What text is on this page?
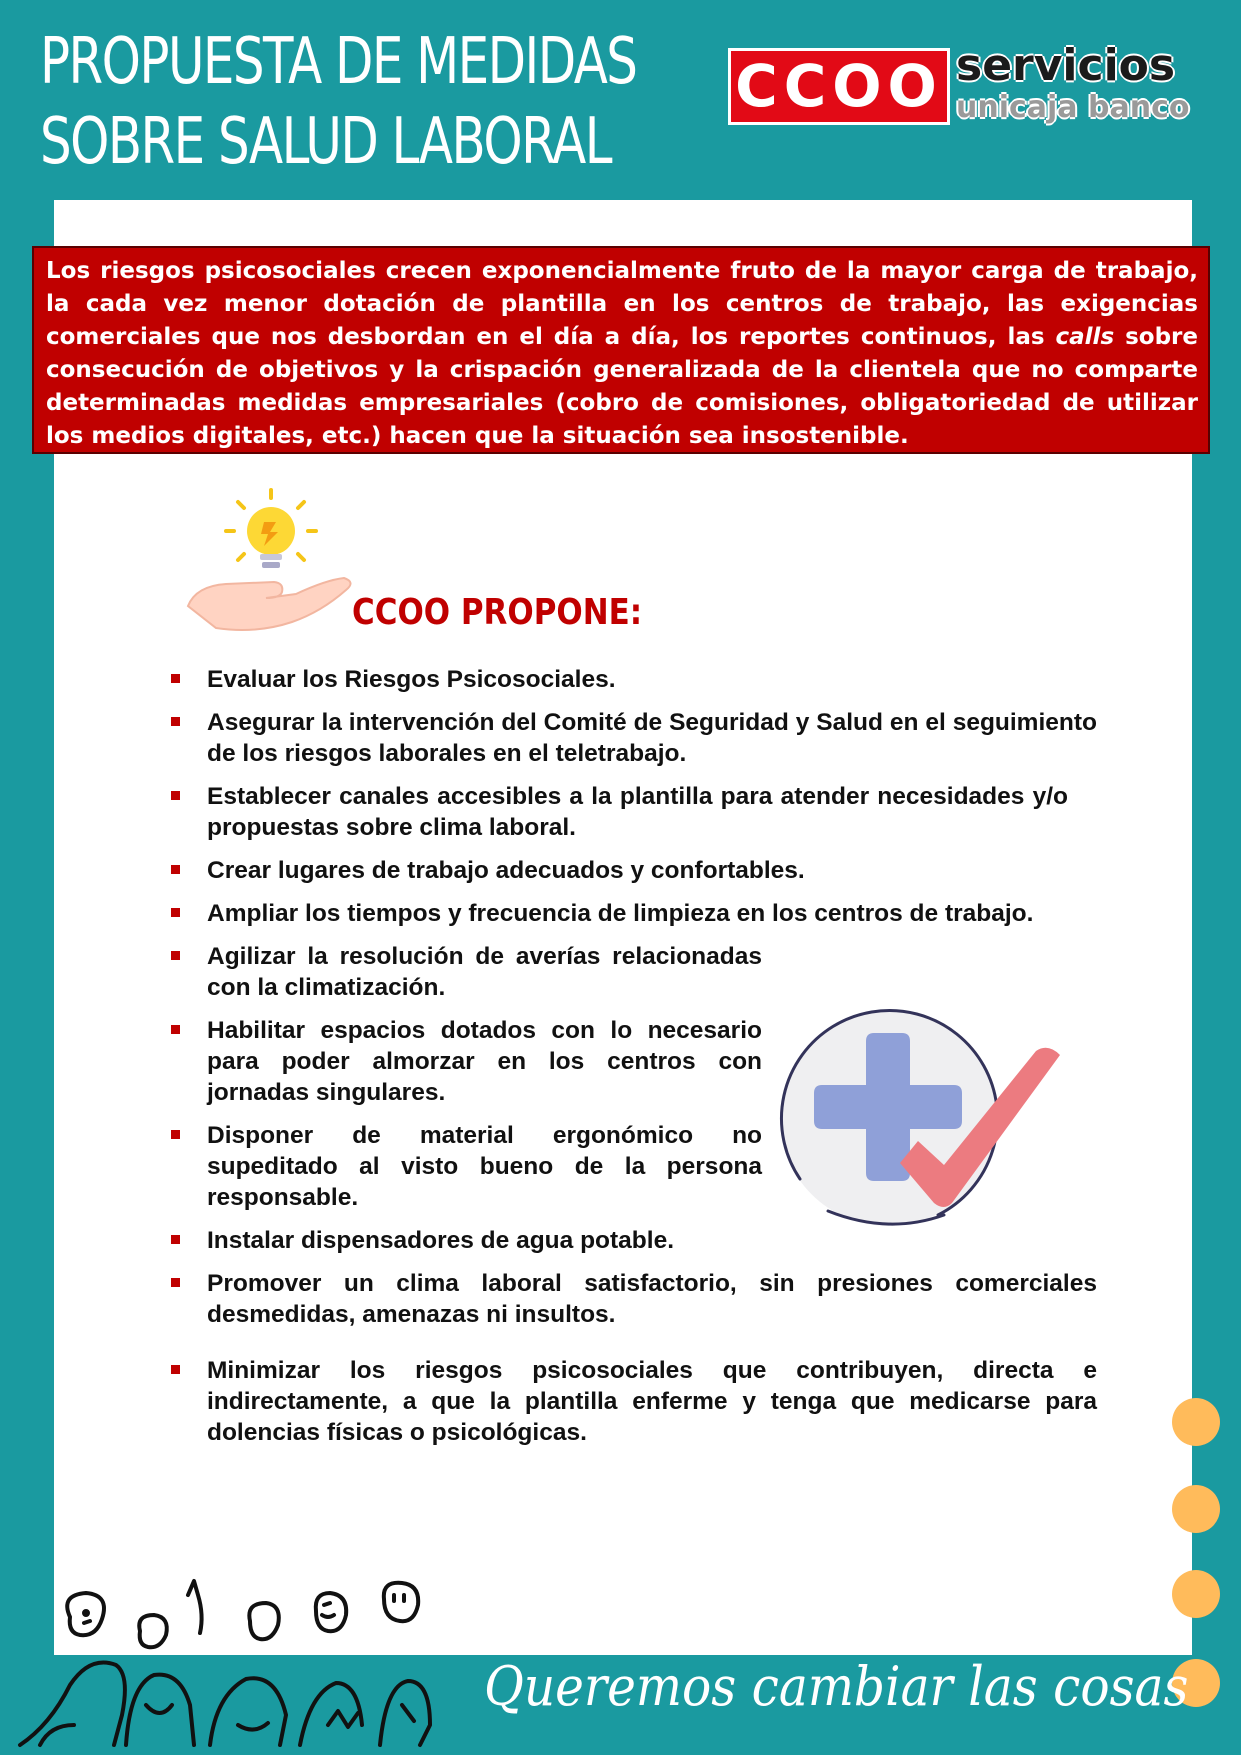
PROPUESTA DE MEDIDAS
SOBRE SALUD LABORAL
CCOO servicios
unicaja banco
Los riesgos psicosociales crecen exponencialmente fruto de la mayor carga de trabajo, la cada vez menor dotación de plantilla en los centros de trabajo, las exigencias comerciales que nos desbordan en el día a día, los reportes continuos, las calls sobre consecución de objetivos y la crispación generalizada de la clientela que no comparte determinadas medidas empresariales (cobro de comisiones, obligatoriedad de utilizar los medios digitales, etc.) hacen que la situación sea insostenible.
CCOO PROPONE:
Evaluar los Riesgos Psicosociales.
Asegurar la intervención del Comité de Seguridad y Salud en el seguimiento de los riesgos laborales en el teletrabajo.
Establecer canales accesibles a la plantilla para atender necesidades y/o propuestas sobre clima laboral.
Crear lugares de trabajo adecuados y confortables.
Ampliar los tiempos y frecuencia de limpieza en los centros de trabajo.
Agilizar la resolución de averías relacionadas con la climatización.
Habilitar espacios dotados con lo necesario para poder almorzar en los centros con jornadas singulares.
Disponer de material ergonómico no supeditado al visto bueno de la persona responsable.
Instalar dispensadores de agua potable.
Promover un clima laboral satisfactorio, sin presiones comerciales desmedidas, amenazas ni insultos.
Minimizar los riesgos psicosociales que contribuyen, directa e indirectamente, a que la plantilla enferme y tenga que medicarse para dolencias físicas o psicológicas.
Queremos cambiar las cosas
